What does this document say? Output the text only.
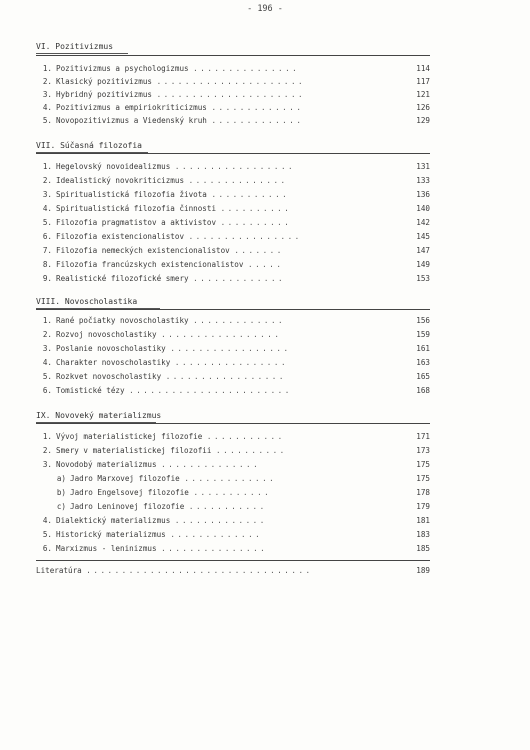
- 196 -
VI. Pozitivizmus
1. Pozitivizmus a psychologizmus ...............	114
2. Klasický pozitivizmus .....................	117
3. Hybridný pozitivizmus .....................	121
4. Pozitivizmus a empiriokriticizmus .............	126
5. Novopozitivizmus a Viedenský kruh .............	129
VII. Súčasná filozofia
1. Hegelovský novoidealizmus .................	131
2. Idealistický novokriticizmus ..............	133
3. Spiritualistická filozofia života ...........	136
4. Spiritualistická filozofia činnosti ..........	140
5. Filozofia pragmatistov a aktivistov ..........	142
6. Filozofia existencionalistov ................	145
7. Filozofia nemeckých existencionalistov .......	147
8. Filozofia francúzskych existencionalistov .....	149
9. Realistické filozofické smery .............	153
VIII. Novoscholastika
1. Rané počiatky novoscholastiky .............	156
2. Rozvoj novoscholastiky .................	159
3. Poslanie novoscholastiky .................	161
4. Charakter novoscholastiky ................	163
5. Rozkvet novoscholastiky .................	165
6. Tomistické tézy .......................	168
IX. Novoveký materializmus
1. Vývoj materialistickej filozofie ...........	171
2. Smery v materialistickej filozofii ..........	173
3. Novodobý materializmus ..............	175
a) Jadro Marxovej filozofie .............	175
b) Jadro Engelsovej filozofie ...........	178
c) Jadro Leninovej filozofie ...........	179
4. Dialektický materializmus .............	181
5. Historický materializmus .............	183
6. Marxizmus - leninizmus ...............	185
Literatúra ................................	189
